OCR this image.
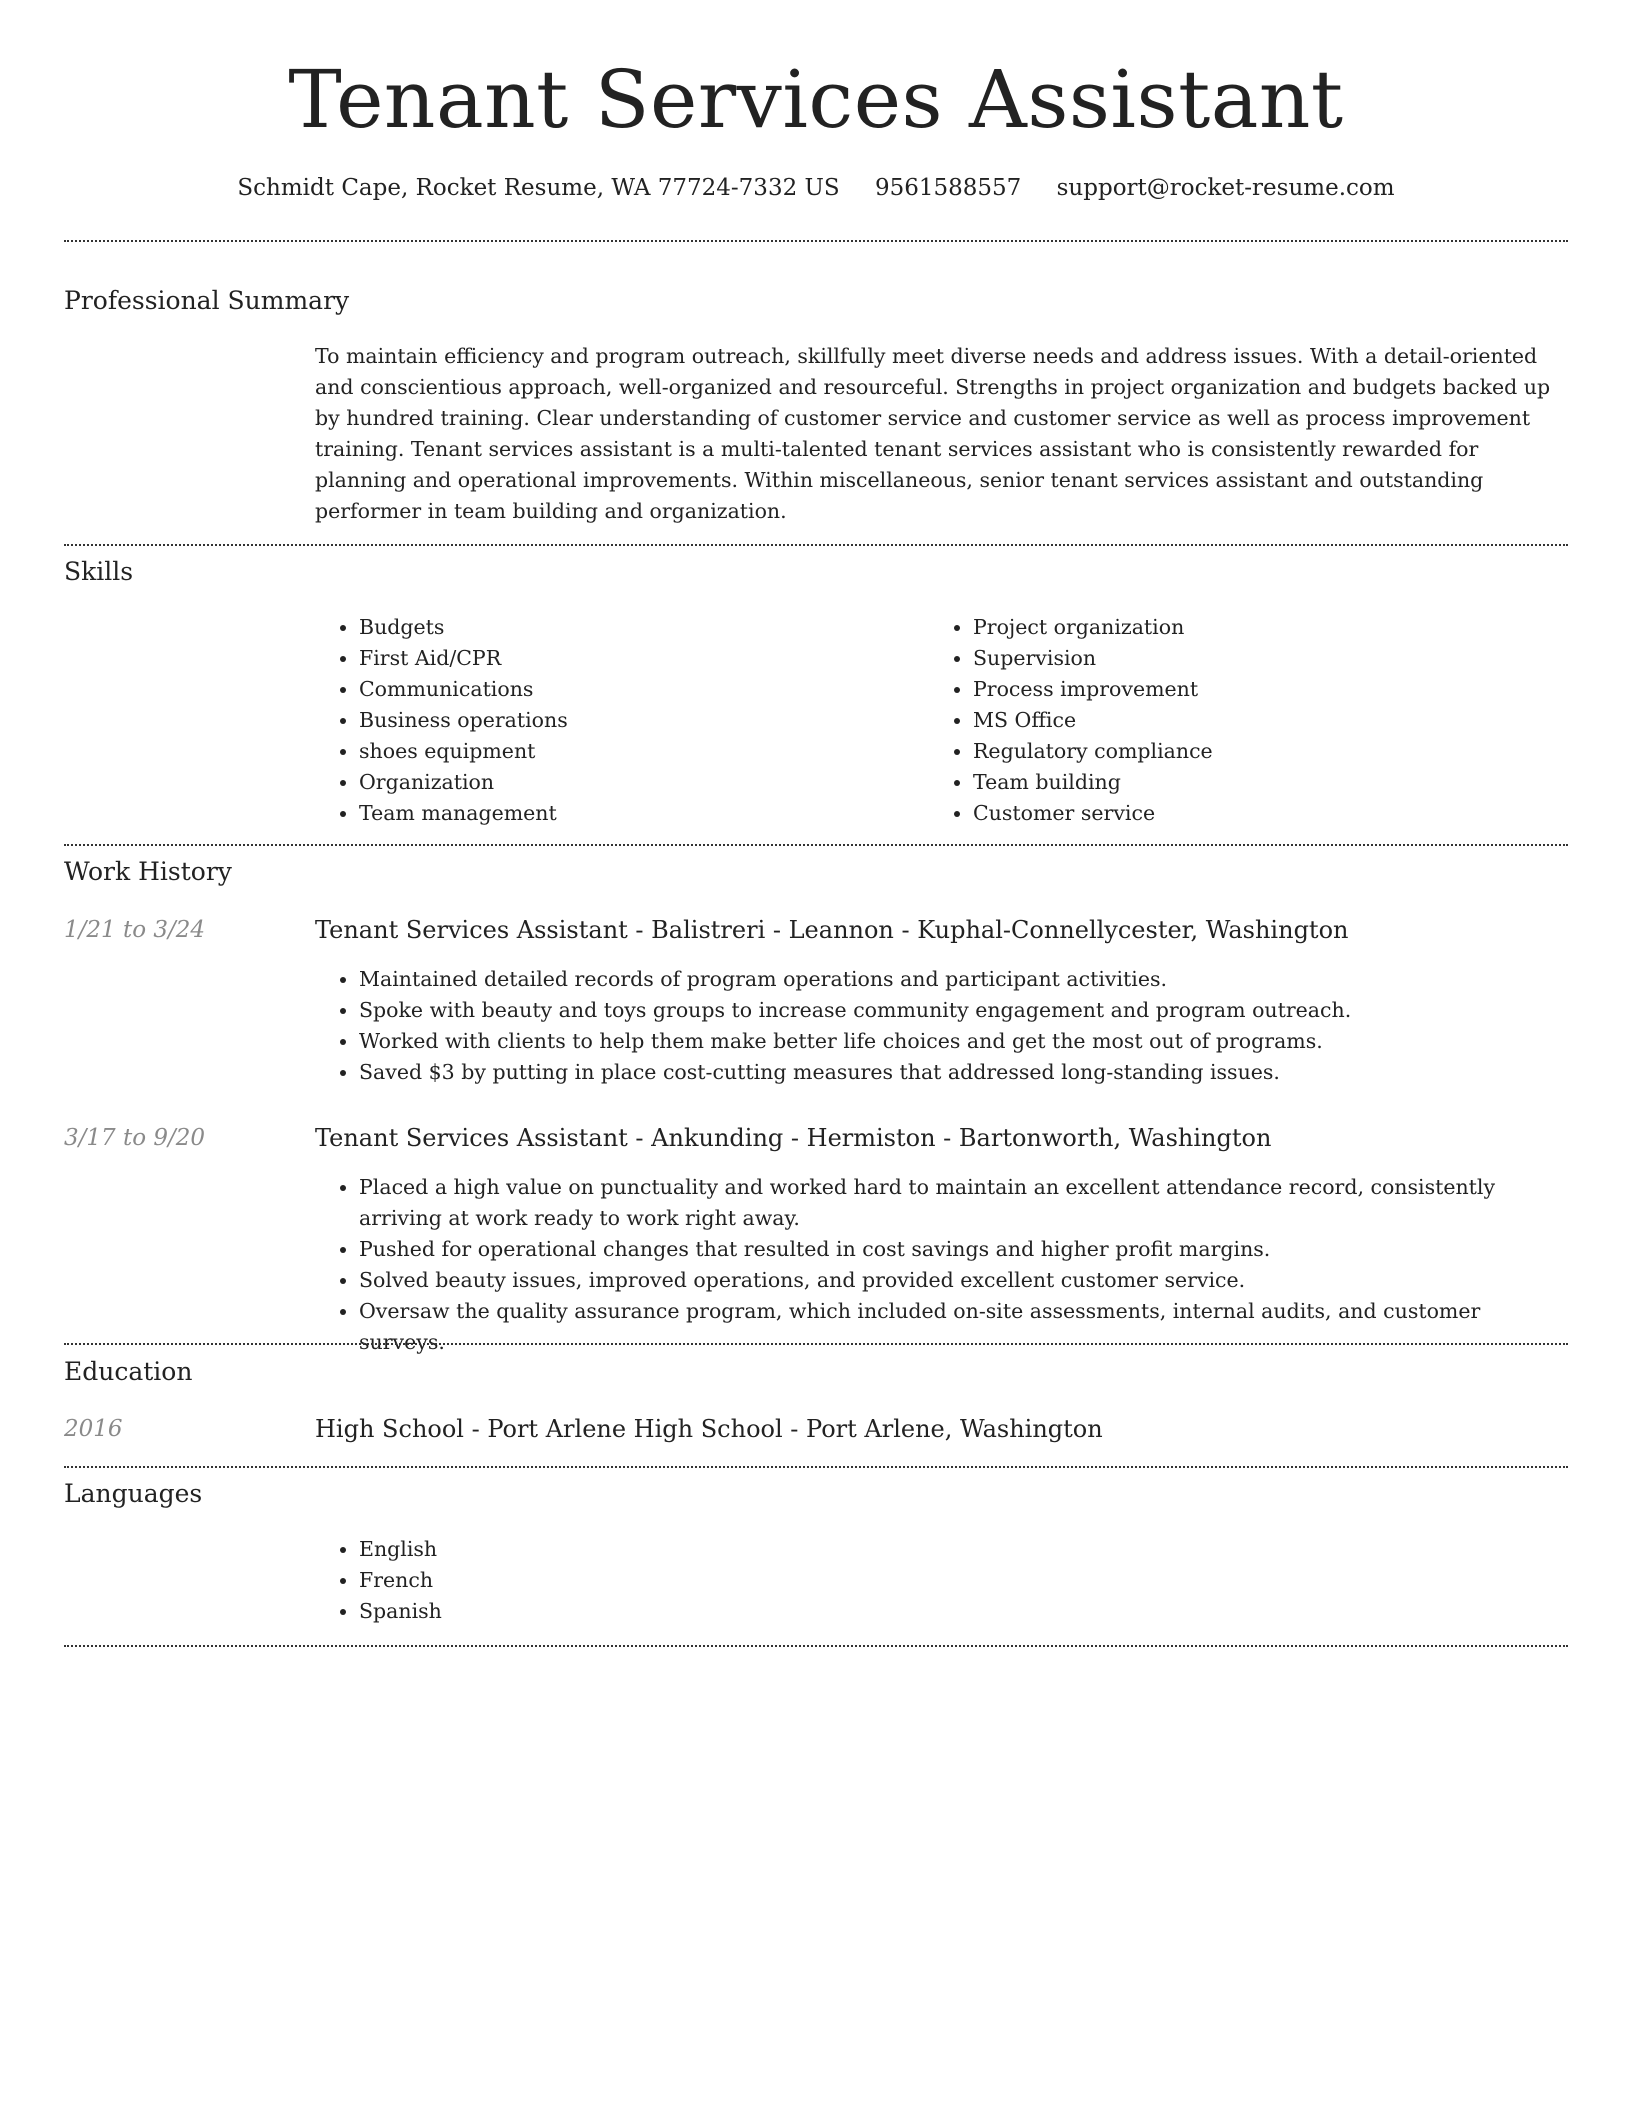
Tenant Services Assistant
Schmidt Cape, Rocket Resume, WA 77724-7332 US 9561588557 support@rocket-resume.com
Professional Summary
To maintain efficiency and program outreach, skillfully meet diverse needs and address issues. With a detail-oriented and conscientious approach, well-organized and resourceful. Strengths in project organization and budgets backed up by hundred training. Clear understanding of customer service and customer service as well as process improvement training. Tenant services assistant is a multi-talented tenant services assistant who is consistently rewarded for planning and operational improvements. Within miscellaneous, senior tenant services assistant and outstanding performer in team building and organization.
Skills
• Budgets
• First Aid/CPR
• Communications
• Business operations
• shoes equipment
• Organization
• Team management
• Project organization
• Supervision
• Process improvement
• MS Office
• Regulatory compliance
• Team building
• Customer service
Work History
1/21 to 3/24	Tenant Services Assistant - Balistreri - Leannon - Kuphal-Connellycester, Washington
• Maintained detailed records of program operations and participant activities.
• Spoke with beauty and toys groups to increase community engagement and program outreach.
• Worked with clients to help them make better life choices and get the most out of programs.
• Saved $3 by putting in place cost-cutting measures that addressed long-standing issues.
3/17 to 9/20	Tenant Services Assistant - Ankunding - Hermiston - Bartonworth, Washington
• Placed a high value on punctuality and worked hard to maintain an excellent attendance record, consistently arriving at work ready to work right away.
• Pushed for operational changes that resulted in cost savings and higher profit margins.
• Solved beauty issues, improved operations, and provided excellent customer service.
• Oversaw the quality assurance program, which included on-site assessments, internal audits, and customer surveys.
Education
2016	High School - Port Arlene High School - Port Arlene, Washington
Languages
• English
• French
• Spanish
